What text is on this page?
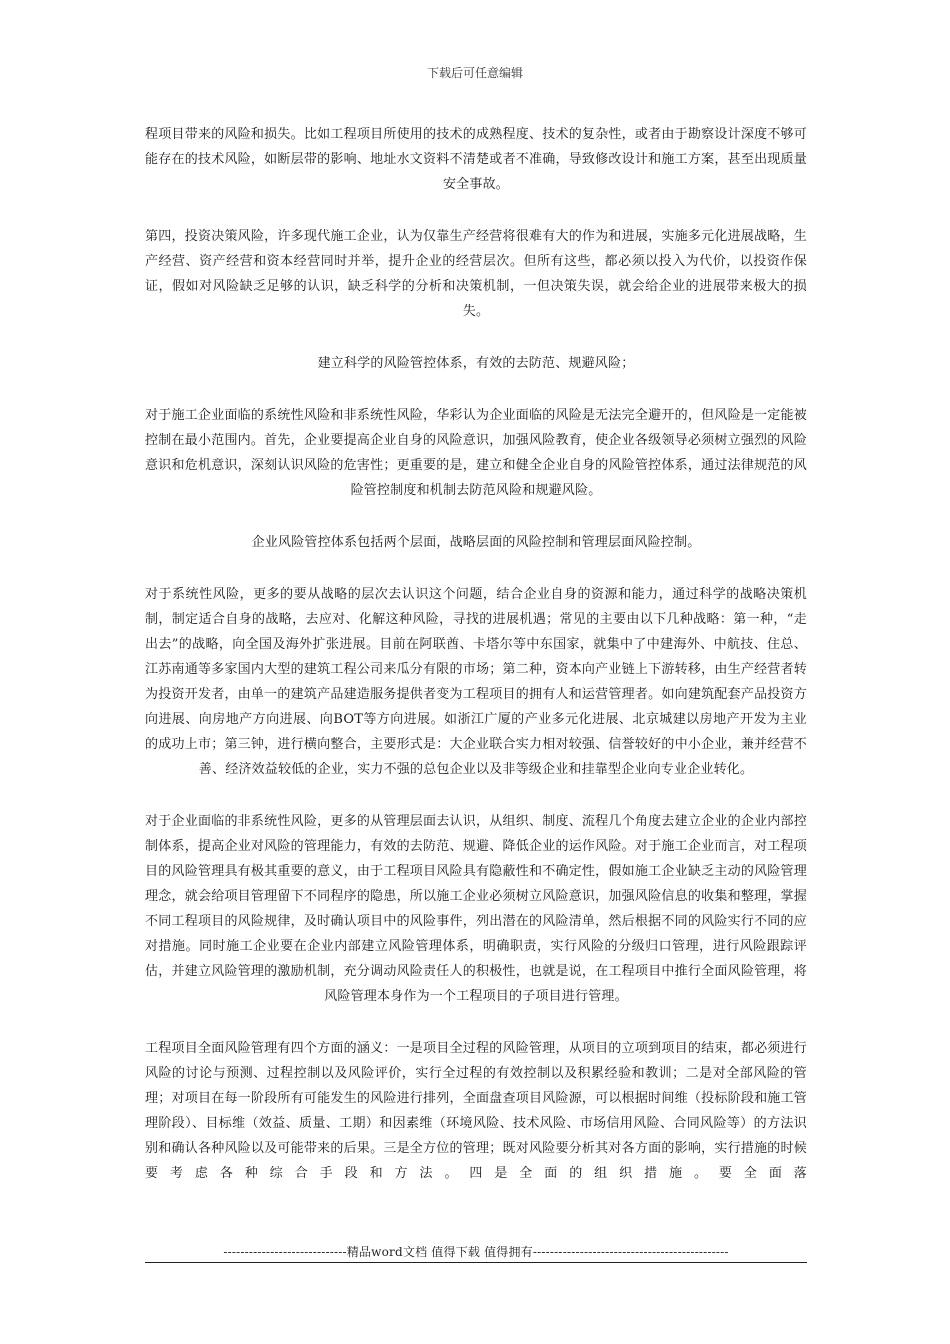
下载后可任意编辑

程项目带来的风险和损失。比如工程项目所使用的技术的成熟程度、技术的复杂性，或者由于勘察设计深度不够可能存在的技术风险，如断层带的影响、地址水文资料不清楚或者不准确，导致修改设计和施工方案，甚至出现质量安全事故。

第四，投资决策风险，许多现代施工企业，认为仅靠生产经营将很难有大的作为和进展，实施多元化进展战略，生产经营、资产经营和资本经营同时并举，提升企业的经营层次。但所有这些，都必须以投入为代价，以投资作保证，假如对风险缺乏足够的认识，缺乏科学的分析和决策机制，一但决策失误，就会给企业的进展带来极大的损失。

建立科学的风险管控体系，有效的去防范、规避风险；

对于施工企业面临的系统性风险和非系统性风险，华彩认为企业面临的风险是无法完全避开的，但风险是一定能被控制在最小范围内。首先，企业要提高企业自身的风险意识，加强风险教育，使企业各级领导必须树立强烈的风险意识和危机意识，深刻认识风险的危害性；更重要的是，建立和健全企业自身的风险管控体系，通过法律规范的风险管控制度和机制去防范风险和规避风险。

企业风险管控体系包括两个层面，战略层面的风险控制和管理层面风险控制。

对于系统性风险，更多的要从战略的层次去认识这个问题，结合企业自身的资源和能力，通过科学的战略决策机制，制定适合自身的战略，去应对、化解这种风险，寻找的进展机遇；常见的主要由以下几种战略：第一种，“走出去”的战略，向全国及海外扩张进展。目前在阿联酋、卡塔尔等中东国家，就集中了中建海外、中航技、住总、江苏南通等多家国内大型的建筑工程公司来瓜分有限的市场；第二种，资本向产业链上下游转移，由生产经营者转为投资开发者，由单一的建筑产品建造服务提供者变为工程项目的拥有人和运营管理者。如向建筑配套产品投资方向进展、向房地产方向进展、向BOT等方向进展。如浙江广厦的产业多元化进展、北京城建以房地产开发为主业的成功上市；第三钟，进行横向整合，主要形式是：大企业联合实力相对较强、信誉较好的中小企业，兼并经营不善、经济效益较低的企业，实力不强的总包企业以及非等级企业和挂靠型企业向专业企业转化。

对于企业面临的非系统性风险，更多的从管理层面去认识，从组织、制度、流程几个角度去建立企业的企业内部控制体系，提高企业对风险的管理能力，有效的去防范、规避、降低企业的运作风险。对于施工企业而言，对工程项目的风险管理具有极其重要的意义，由于工程项目风险具有隐蔽性和不确定性，假如施工企业缺乏主动的风险管理理念，就会给项目管理留下不同程序的隐患，所以施工企业必须树立风险意识，加强风险信息的收集和整理，掌握不同工程项目的风险规律，及时确认项目中的风险事件，列出潜在的风险清单，然后根据不同的风险实行不同的应对措施。同时施工企业要在企业内部建立风险管理体系，明确职责，实行风险的分级归口管理，进行风险跟踪评估，并建立风险管理的激励机制，充分调动风险责任人的积极性，也就是说，在工程项目中推行全面风险管理，将风险管理本身作为一个工程项目的子项目进行管理。

工程项目全面风险管理有四个方面的涵义：一是项目全过程的风险管理，从项目的立项到项目的结束，都必须进行风险的讨论与预测、过程控制以及风险评价，实行全过程的有效控制以及积累经验和教训；二是对全部风险的管理；对项目在每一阶段所有可能发生的风险进行排列，全面盘查项目风险源，可以根据时间维（投标阶段和施工管理阶段）、目标维（效益、质量、工期）和因素维（环境风险、技术风险、市场信用风险、合同风险等）的方法识别和确认各种风险以及可能带来的后果。三是全方位的管理；既对风险要分析其对各方面的影响，实行措施的时候要考虑各种综合手段和方法。四是全面的组织措施。要全面落

-----------------------------精品word文档 值得下载 值得拥有----------------------------------------------
